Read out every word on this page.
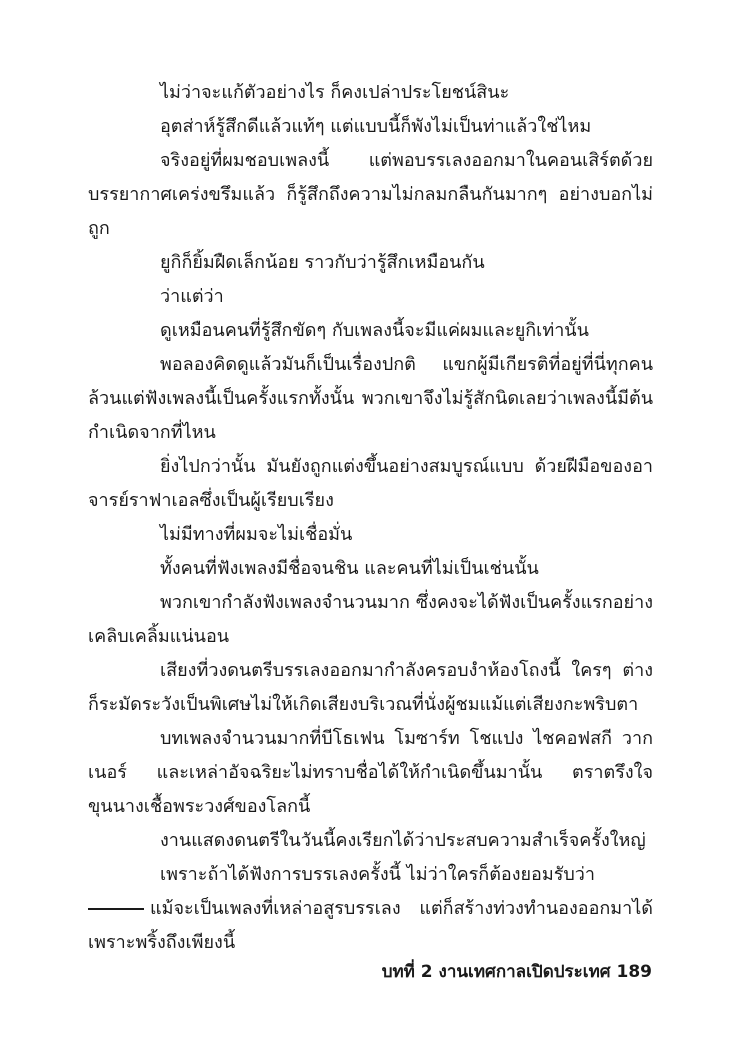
ไม่ว่าจะแก้ตัวอย่างไร ก็คงเปล่าประโยชน์สินะ

อุตส่าห์รู้สึกดีแล้วแท้ๆ แต่แบบนี้ก็พังไม่เป็นท่าแล้วใช่ไหม

จริงอยู่ที่ผมชอบเพลงนี้ แต่พอบรรเลงออกมาในคอนเสิร์ตด้วยบรรยากาศเคร่งขรึมแล้ว ก็รู้สึกถึงความไม่กลมกลืนกันมากๆ อย่างบอกไม่ถูก

ยูกิก็ยิ้มฝืดเล็กน้อย ราวกับว่ารู้สึกเหมือนกัน

ว่าแต่ว่า

ดูเหมือนคนที่รู้สึกขัดๆ กับเพลงนี้จะมีแค่ผมและยูกิเท่านั้น

พอลองคิดดูแล้วมันก็เป็นเรื่องปกติ แขกผู้มีเกียรติที่อยู่ที่นี่ทุกคนล้วนแต่ฟังเพลงนี้เป็นครั้งแรกทั้งนั้น พวกเขาจึงไม่รู้สักนิดเลยว่าเพลงนี้มีต้นกำเนิดจากที่ไหน

ยิ่งไปกว่านั้น มันยังถูกแต่งขึ้นอย่างสมบูรณ์แบบ ด้วยฝีมือของอาจารย์ราฟาเอลซึ่งเป็นผู้เรียบเรียง

ไม่มีทางที่ผมจะไม่เชื่อมั่น

ทั้งคนที่ฟังเพลงมีชื่อจนชิน และคนที่ไม่เป็นเช่นนั้น

พวกเขากำลังฟังเพลงจำนวนมาก ซึ่งคงจะได้ฟังเป็นครั้งแรกอย่างเคลิบเคลิ้มแน่นอน

เสียงที่วงดนตรีบรรเลงออกมากำลังครอบงำห้องโถงนี้ ใครๆ ต่างก็ระมัดระวังเป็นพิเศษไม่ให้เกิดเสียงบริเวณที่นั่งผู้ชมแม้แต่เสียงกะพริบตา

บทเพลงจำนวนมากที่บีโธเฟน โมซาร์ท โชแปง ไชคอฟสกี วากเนอร์ และเหล่าอัจฉริยะไม่ทราบชื่อได้ให้กำเนิดขึ้นมานั้น ตราตรึงใจขุนนางเชื้อพระวงศ์ของโลกนี้

งานแสดงดนตรีในวันนี้คงเรียกได้ว่าประสบความสำเร็จครั้งใหญ่

เพราะถ้าได้ฟังการบรรเลงครั้งนี้ ไม่ว่าใครก็ต้องยอมรับว่า

แม้จะเป็นเพลงที่เหล่าอสูรบรรเลง แต่ก็สร้างท่วงทำนองออกมาได้เพราะพริ้งถึงเพียงนี้

บทที่ 2 งานเทศกาลเปิดประเทศ 189
